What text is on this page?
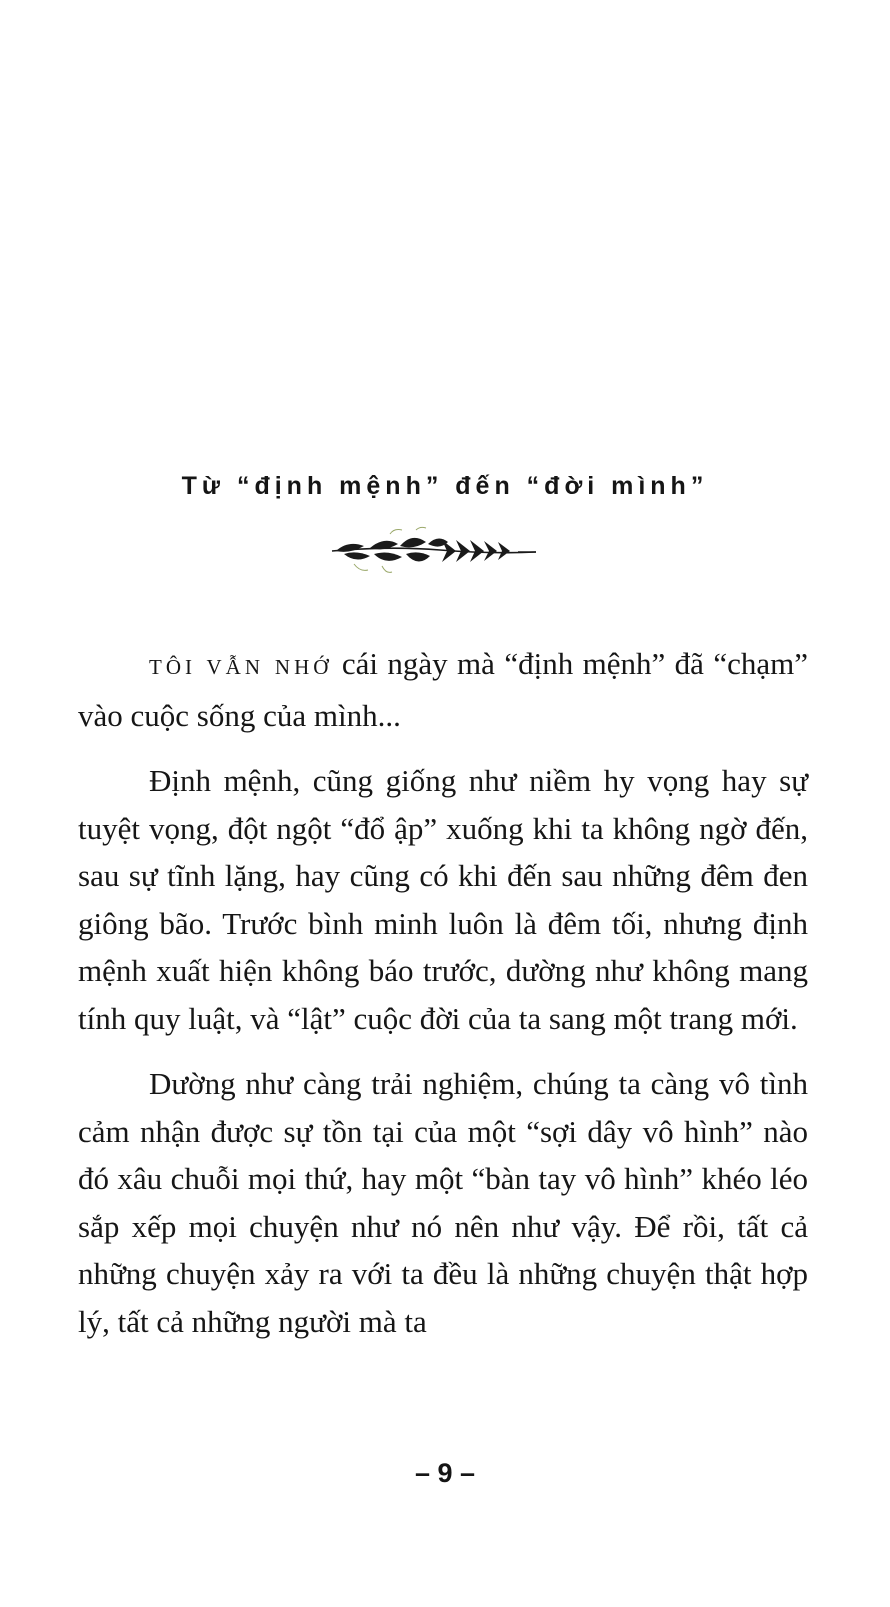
Từ “định mệnh” đến “đời mình”

TÔI VẪN NHỚ cái ngày mà “định mệnh” đã “chạm” vào cuộc sống của mình...

Định mệnh, cũng giống như niềm hy vọng hay sự tuyệt vọng, đột ngột “đổ ập” xuống khi ta không ngờ đến, sau sự tĩnh lặng, hay cũng có khi đến sau những đêm đen giông bão. Trước bình minh luôn là đêm tối, nhưng định mệnh xuất hiện không báo trước, dường như không mang tính quy luật, và “lật” cuộc đời của ta sang một trang mới.

Dường như càng trải nghiệm, chúng ta càng vô tình cảm nhận được sự tồn tại của một “sợi dây vô hình” nào đó xâu chuỗi mọi thứ, hay một “bàn tay vô hình” khéo léo sắp xếp mọi chuyện như nó nên như vậy. Để rồi, tất cả những chuyện xảy ra với ta đều là những chuyện thật hợp lý, tất cả những người mà ta

– 9 –
